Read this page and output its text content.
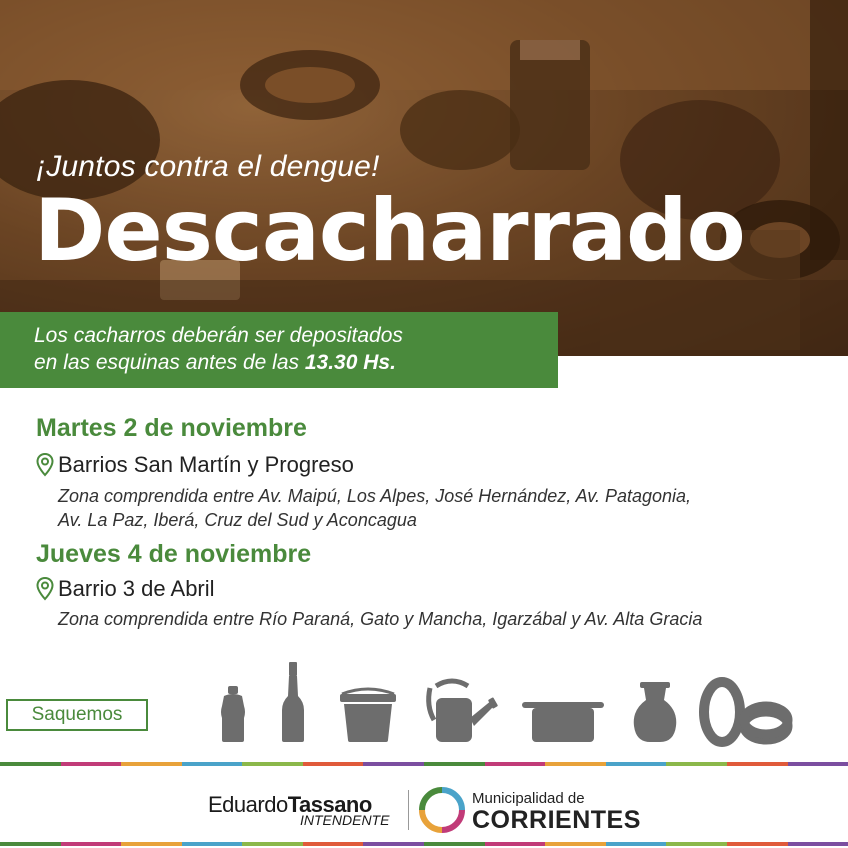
¡Juntos contra el dengue!
Descacharrado
Los cacharros deberán ser depositados
en las esquinas antes de las 13.30 Hs.
Martes 2 de noviembre
Barrios San Martín y Progreso
Zona comprendida entre Av. Maipú, Los Alpes, José Hernández, Av. Patagonia,
Av. La Paz, Iberá, Cruz del Sud y Aconcagua
Jueves 4 de noviembre
Barrio 3 de Abril
Zona comprendida entre Río Paraná, Gato y Mancha, Igarzábal y Av. Alta Gracia
Saquemos
EduardoTassano
INTENDENTE
Municipalidad de
CORRIENTES
